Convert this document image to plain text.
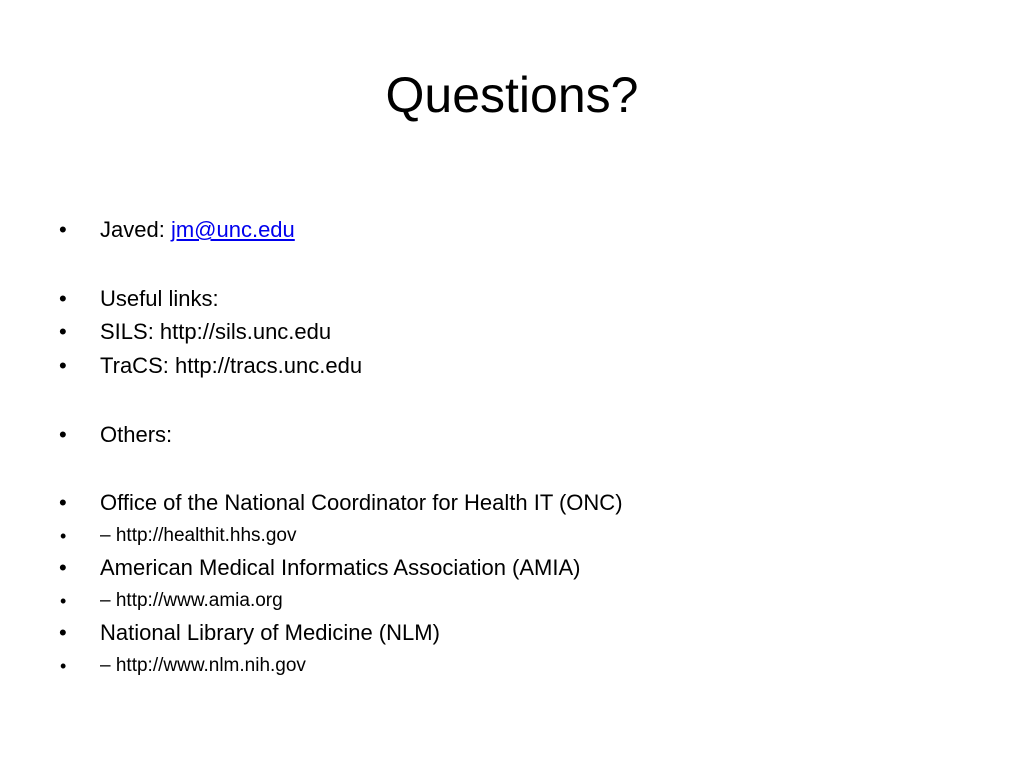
Questions?
• Javed: jm@unc.edu
• Useful links:
• SILS: http://sils.unc.edu
• TraCS: http://tracs.unc.edu
• Others:
• Office of the National Coordinator for Health IT (ONC)
• – http://healthit.hhs.gov
• American Medical Informatics Association (AMIA)
• – http://www.amia.org
• National Library of Medicine (NLM)
• – http://www.nlm.nih.gov
